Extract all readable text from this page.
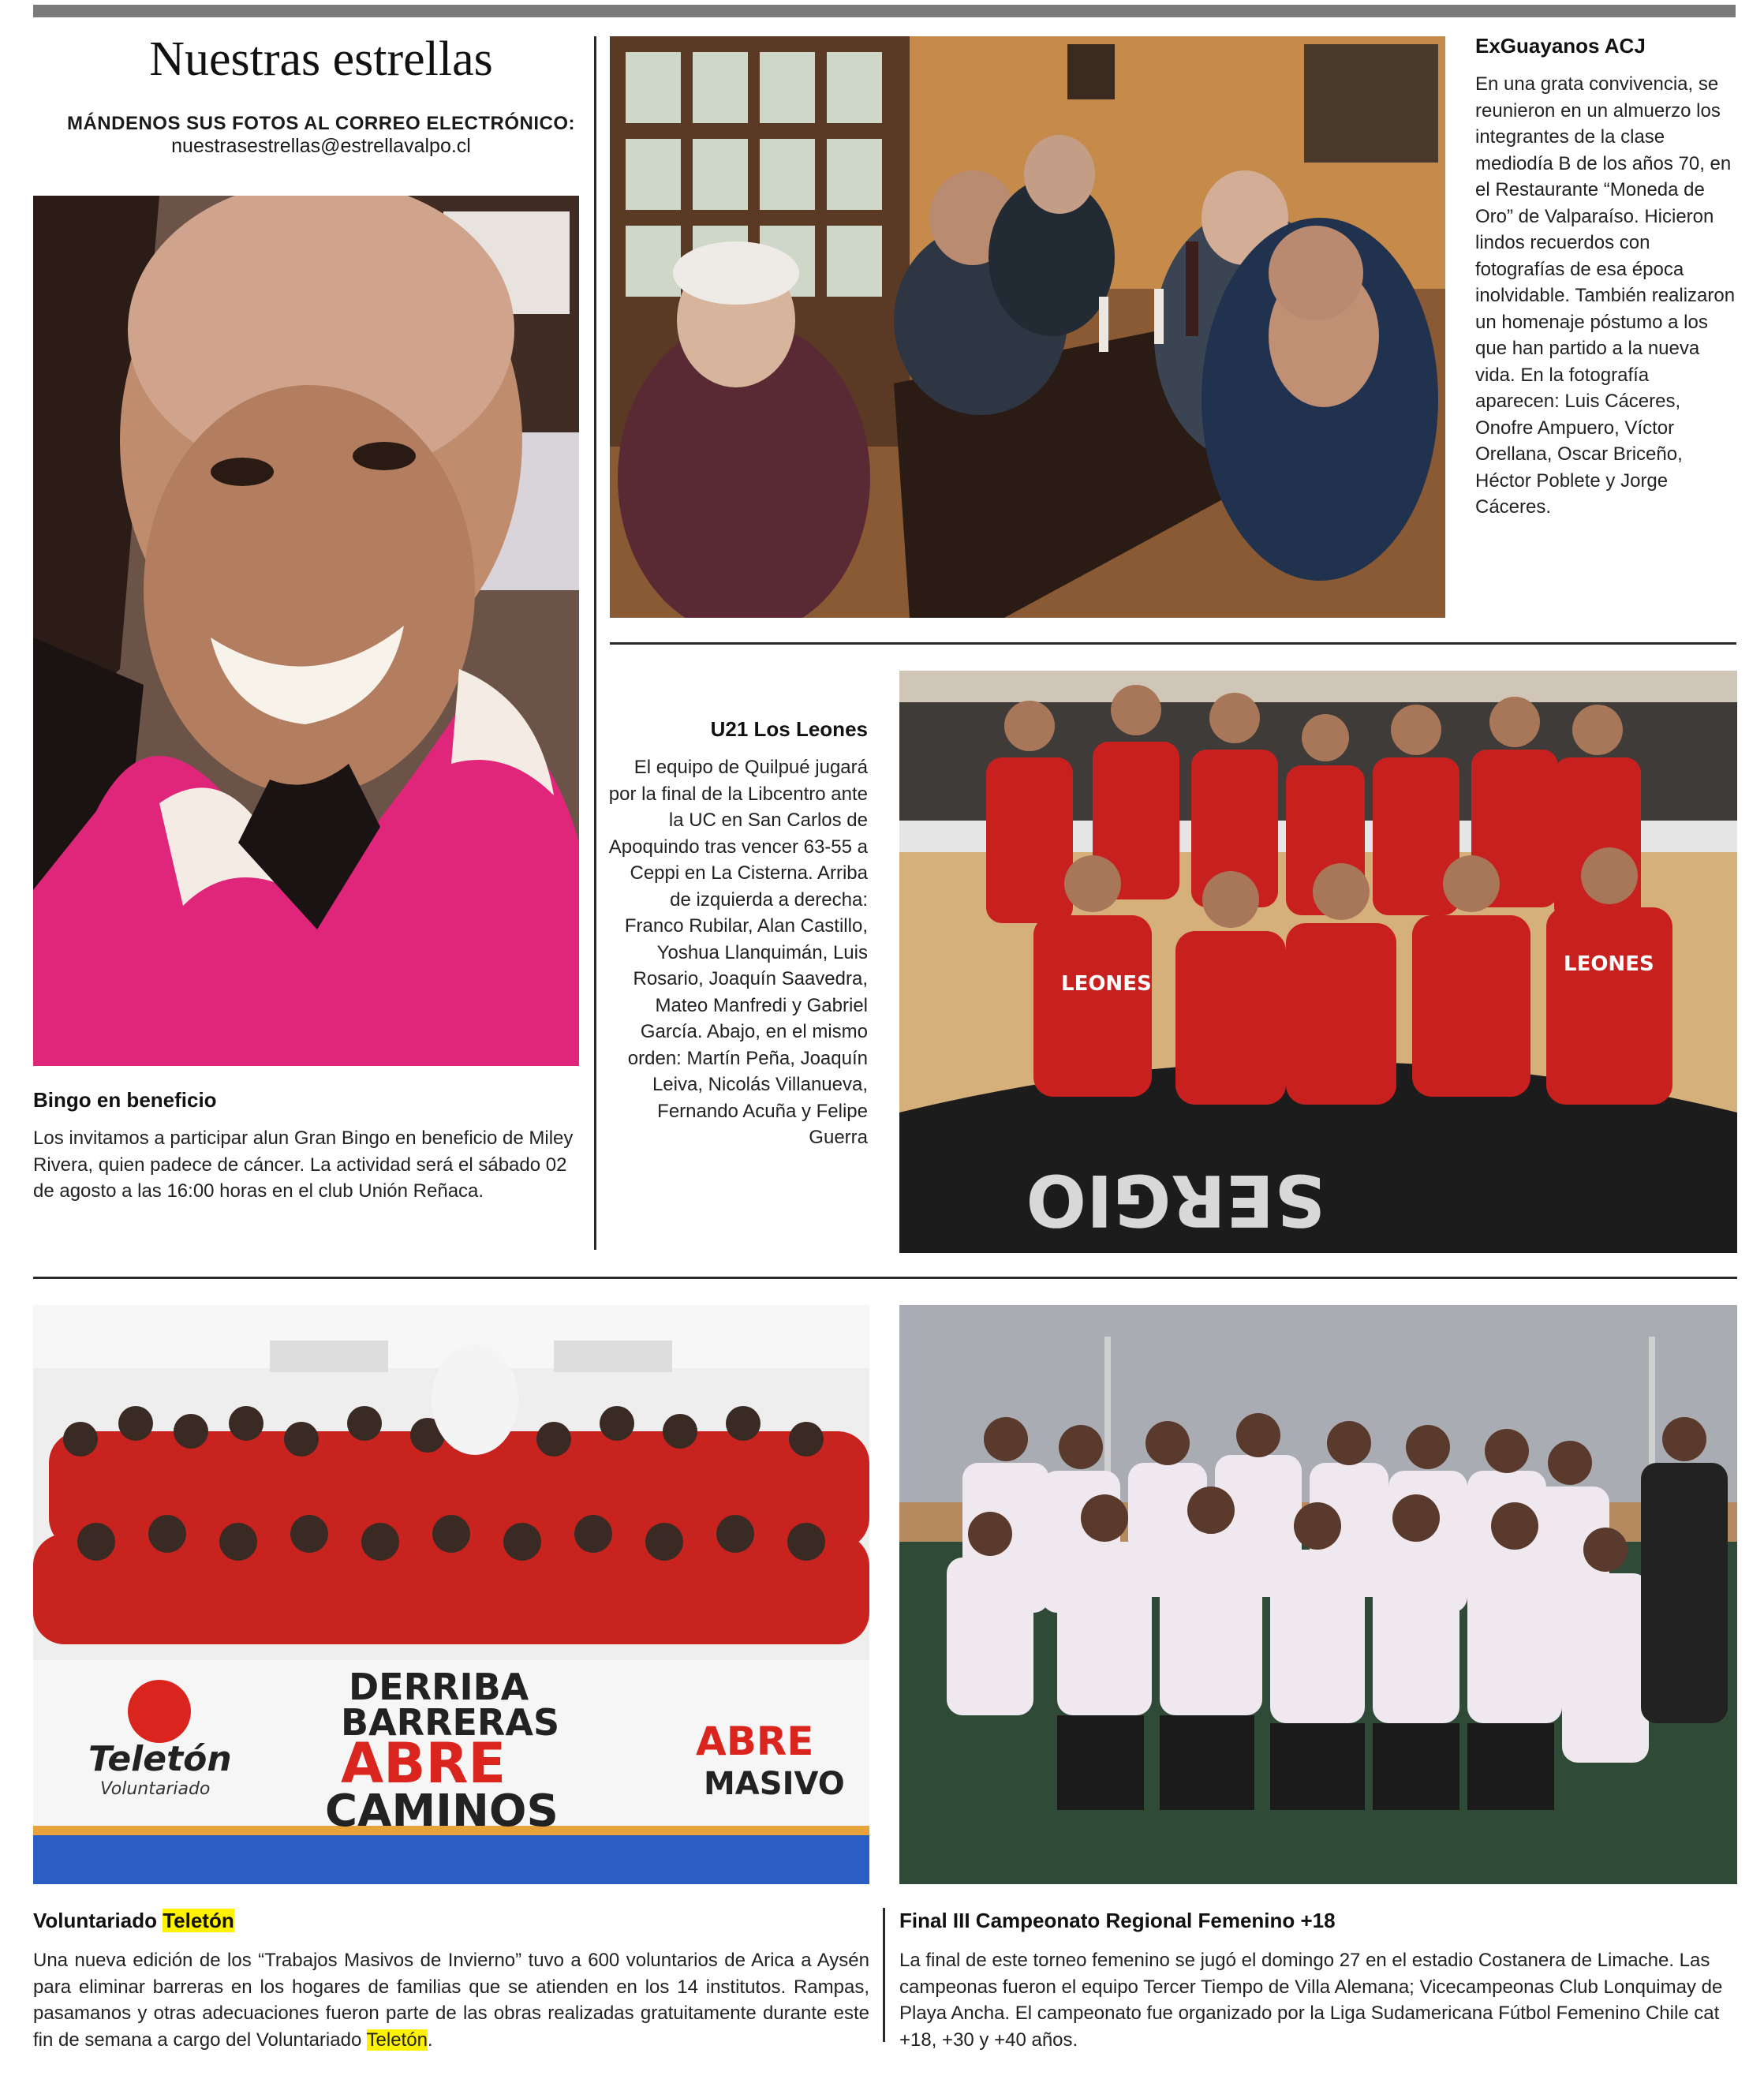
Nuestras estrellas
MÁNDENOS SUS FOTOS AL CORREO ELECTRÓNICO:
nuestrasestrellas@estrellavalpo.cl
Bingo en beneficio
Los invitamos a participar alun Gran Bingo en beneficio de Miley Rivera, quien padece de cáncer. La actividad será el sábado 02 de agosto a las 16:00 horas en el club Unión Reñaca.
ExGuayanos ACJ
En una grata convivencia, se reunieron en un almuerzo los integrantes de la clase mediodía B de los años 70, en el Restaurante “Moneda de Oro” de Valparaíso. Hicieron lindos recuerdos con fotografías de esa época inolvidable. También realizaron un homenaje póstumo a los que han partido a la nueva vida. En la fotografía aparecen: Luis Cáceres, Onofre Ampuero, Víctor Orellana, Oscar Briceño, Héctor Poblete y Jorge Cáceres.
U21 Los Leones
El equipo de Quilpué jugará por la final de la Libcentro ante la UC en San Carlos de Apoquindo tras vencer 63-55 a Ceppi en La Cisterna. Arriba de izquierda a derecha: Franco Rubilar, Alan Castillo, Yoshua Llanquimán, Luis Rosario, Joaquín Saavedra, Mateo Manfredi y Gabriel García. Abajo, en el mismo orden: Martín Peña, Joaquín Leiva, Nicolás Villanueva, Fernando Acuña y Felipe Guerra
SERGIO
LEONES
LEONES
Teletón
Voluntariado
DERRIBA
BARRERAS
ABRE
CAMINOS
ABRE
MASIVO
Voluntariado Teletón
Una nueva edición de los “Trabajos Masivos de Invierno” tuvo a 600 voluntarios de Arica a Aysén para eliminar barreras en los hogares de familias que se atienden en los 14 institutos. Rampas, pasamanos y otras adecuaciones fueron parte de las obras realizadas gratuitamente durante este fin de semana a cargo del Voluntariado Teletón.
Final III Campeonato Regional Femenino +18
La final de este torneo femenino se jugó el domingo 27 en el estadio Costanera de Limache. Las campeonas fueron el equipo Tercer Tiempo de Villa Alemana; Vicecampeonas Club Lonquimay de Playa Ancha. El campeonato fue organizado por la Liga Sudamericana Fútbol Femenino Chile cat +18, +30 y +40 años.
